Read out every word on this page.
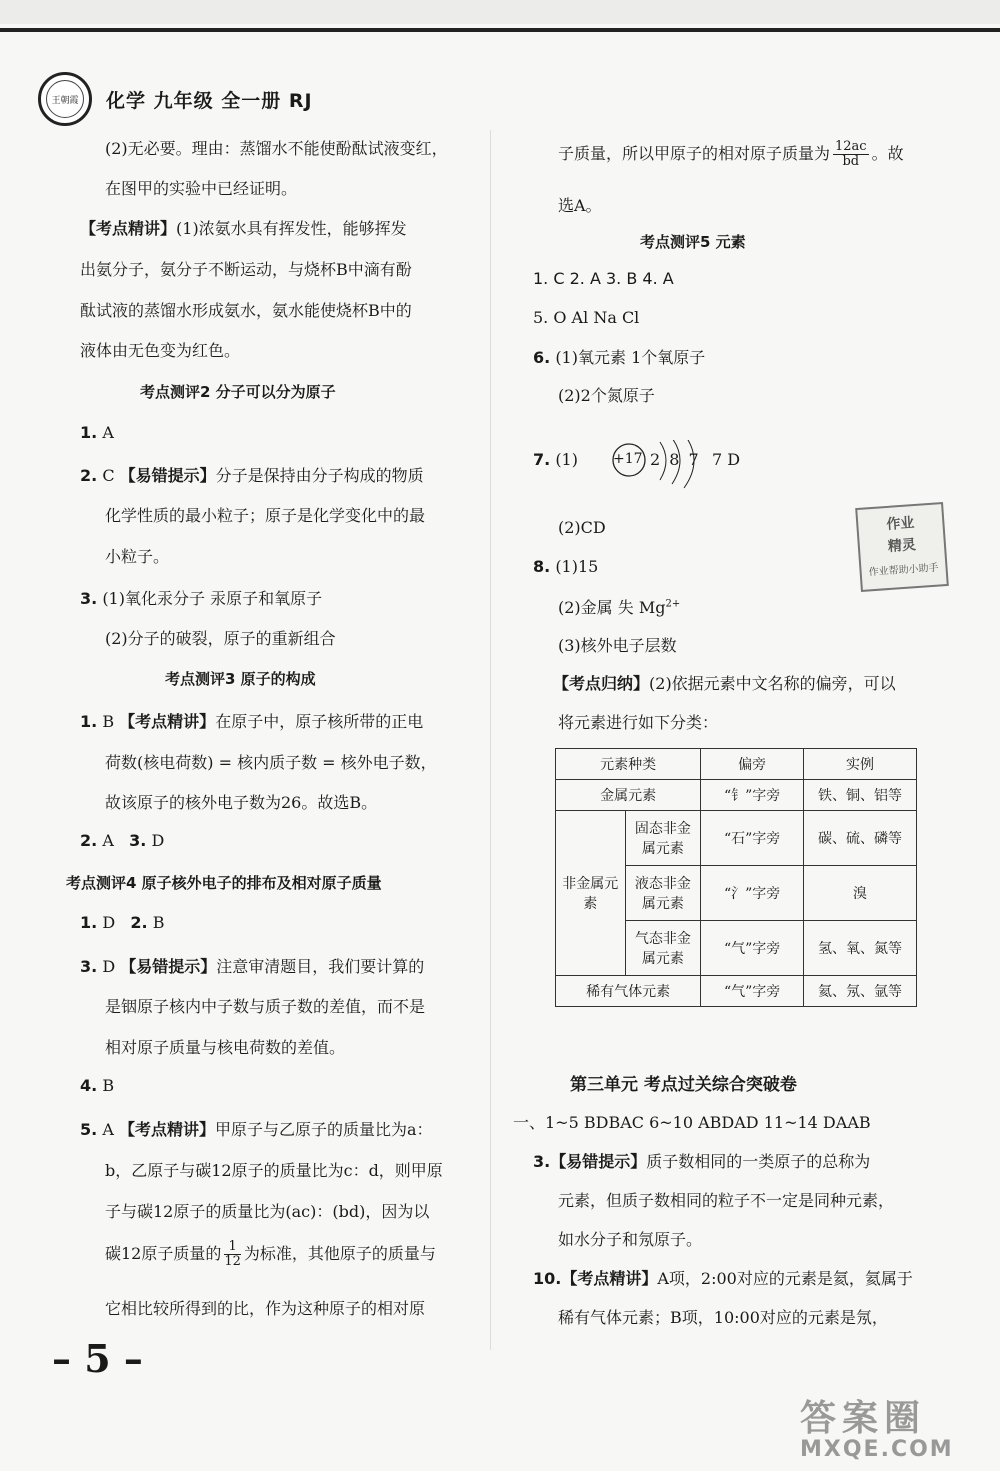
王朝霞 化学 九年级 全一册 RJ
(2)无必要。理由：蒸馏水不能使酚酞试液变红，
在图甲的实验中已经证明。
【考点精讲】(1)浓氨水具有挥发性，能够挥发
出氨分子，氨分子不断运动，与烧杯B中滴有酚
酞试液的蒸馏水形成氨水，氨水能使烧杯B中的
液体由无色变为红色。
考点测评2 分子可以分为原子
1. A
2. C 【易错提示】分子是保持由分子构成的物质
化学性质的最小粒子；原子是化学变化中的最
小粒子。
3. (1)氧化汞分子 汞原子和氧原子
(2)分子的破裂，原子的重新组合
考点测评3 原子的构成
1. B 【考点精讲】在原子中，原子核所带的正电
荷数(核电荷数) = 核内质子数 = 核外电子数，
故该原子的核外电子数为26。故选B。
2. A 3. D
考点测评4 原子核外电子的排布及相对原子质量
1. D 2. B
3. D 【易错提示】注意审清题目，我们要计算的
是铟原子核内中子数与质子数的差值，而不是
相对原子质量与核电荷数的差值。
4. B
5. A 【考点精讲】甲原子与乙原子的质量比为a：
b，乙原子与碳12原子的质量比为c：d，则甲原
子与碳12原子的质量比为(ac)：(bd)，因为以
碳12原子质量的 $\frac{1}{12}$ 为标准，其他原子的质量与
它相比较所得到的比，作为这种原子的相对原
子质量，所以甲原子的相对原子质量为 $\frac{12ac}{bd}$ 。故
选A。
考点测评5 元素
1. C 2. A 3. B 4. A
5. O Al Na Cl
6. (1)氧元素 1个氧原子
(2)2个氮原子
7. (1)	+17 2 8 7 7 D
(2)CD
8. (1)15
(2)金属 失 $Mg^{2+}$
(3)核外电子层数
【考点归纳】(2)依据元素中文名称的偏旁，可以
将元素进行如下分类：
元素种类		偏旁	实例
金属元素		“钅”字旁	铁、铜、铝等
非金属元素	固态非金属元素	“石”字旁	碳、硫、磷等
	液态非金属元素	“氵”字旁	溴
	气态非金属元素	“气”字旁	氢、氧、氮等
稀有气体元素		“气”字旁	氦、氖、氩等
第三单元 考点过关综合突破卷
一、1~5 BDBAC 6~10 ABDAD 11~14 DAAB
3.【易错提示】质子数相同的一类原子的总称为
元素，但质子数相同的粒子不一定是同种元素，
如水分子和氖原子。
10.【考点精讲】A项，2:00对应的元素是氦，氦属于
稀有气体元素；B项，10:00对应的元素是氖，
作业
精灵
作业帮助小助手
– 5 –
答案圈
MXQE.COM
